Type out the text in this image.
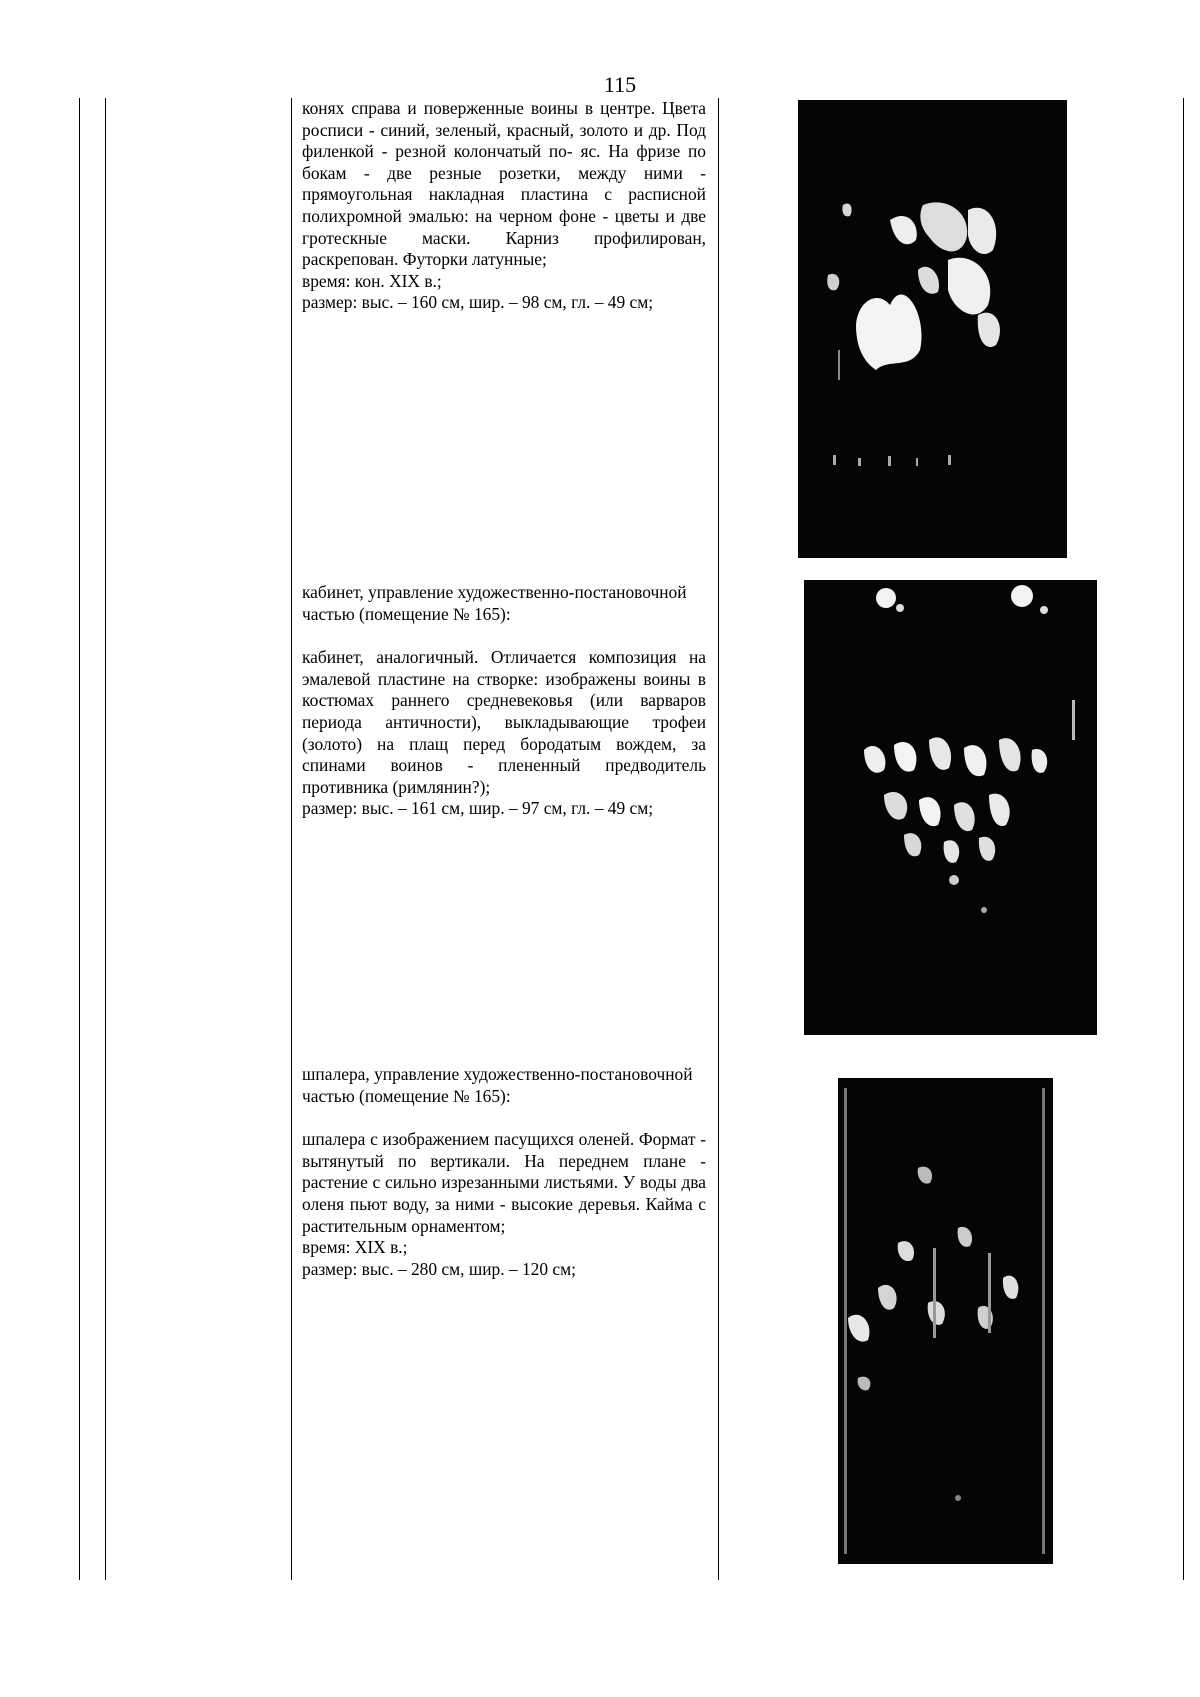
115

конях справа и поверженные воины в центре. Цвета росписи - синий, зеленый, красный, золото и др. Под филенкой - резной колончатый по- яс. На фризе по бокам - две резные розетки, между ними - прямоугольная накладная пластина с расписной полихромной эмалью: на черном фоне - цветы и две гротескные маски. Карниз профилирован, раскрепован. Футорки латунные;

время: кон. XIX в.;

размер: выс. – 160 см, шир. – 98 см, гл. – 49 см;

кабинет, управление художественно-постановочной частью (помещение № 165):

кабинет, аналогичный. Отличается композиция на эмалевой пластине на створке: изображены воины в костюмах раннего средневековья (или варваров периода античности), выкладывающие трофеи (золото) на плащ перед бородатым вождем, за спинами воинов - плененный предводитель противника (римлянин?);

размер: выс. – 161 см, шир. – 97 см, гл. – 49 см;

шпалера, управление художественно-постановочной частью (помещение № 165):

шпалера с изображением пасущихся оленей. Формат - вытянутый по вертикали. На переднем плане - растение с сильно изрезанными листьями. У воды два оленя пьют воду, за ними - высокие деревья. Кайма с растительным орнаментом;

время: XIX в.;

размер: выс. – 280 см, шир. – 120 см;
